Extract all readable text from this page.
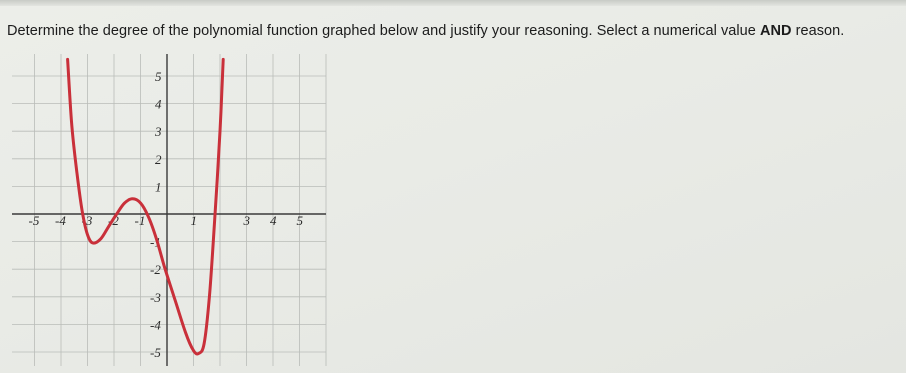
Determine the degree of the polynomial function graphed below and justify your reasoning. Select a numerical value AND reason.

-5 -4 -3 -2 -1	1	3 4 5
5
4
3
2
1
-1
-2
-3
-4
-5
